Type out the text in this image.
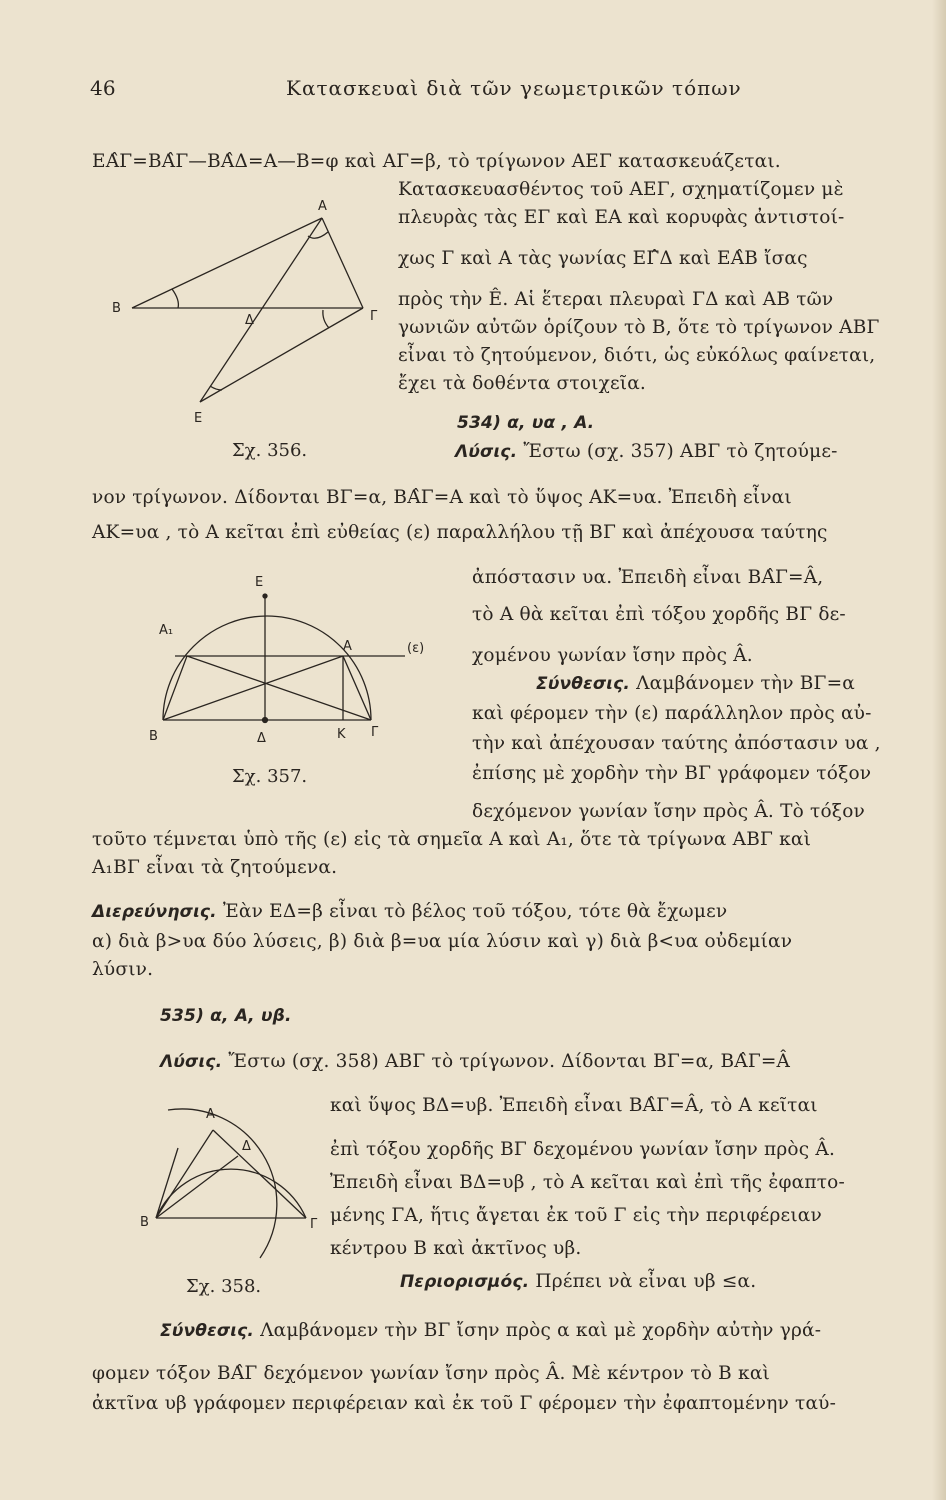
46	Κατασκευαὶ διὰ τῶν γεωμετρικῶν τόπων
ΕΑ̂Γ=ΒΑ̂Γ—ΒΑ̂Δ=Α—Β=φ καὶ ΑΓ=β, τὸ τρίγωνον ΑΕΓ κατασκευάζεται.
Κατασκευασθέντος τοῦ ΑΕΓ, σχηματίζομεν μὲ
πλευρὰς τὰς ΕΓ καὶ ΕΑ καὶ κορυφὰς ἀντιστοί-
χως Γ καὶ Α τὰς γωνίας ΕΓ̂Δ καὶ ΕΑ̂Β ἴσας
πρὸς τὴν Ê. Αἱ ἕτεραι πλευραὶ ΓΔ καὶ ΑΒ τῶν
γωνιῶν αὐτῶν ὁρίζουν τὸ Β, ὅτε τὸ τρίγωνον ΑΒΓ
εἶναι τὸ ζητούμενον, διότι, ὡς εὐκόλως φαίνεται,
ἔχει τὰ δοθέντα στοιχεῖα.
A
B
Γ
Δ
E
Σχ. 356.
534) α, υα , Α.
Λύσις. Ἔστω (σχ. 357) ΑΒΓ τὸ ζητούμε-
νον τρίγωνον. Δίδονται ΒΓ=α, ΒΑ̂Γ=Α καὶ τὸ ὕψος ΑΚ=υα. Ἐπειδὴ εἶναι
ΑΚ=υα , τὸ Α κεῖται ἐπὶ εὐθείας (ε) παραλλήλου τῇ ΒΓ καὶ ἀπέχουσα ταύτης
ἀπόστασιν υα. Ἐπειδὴ εἶναι ΒΑ̂Γ=Â,
τὸ Α θὰ κεῖται ἐπὶ τόξου χορδῆς ΒΓ δε-
χομένου γωνίαν ἴσην πρὸς Â.
E
A₁
A	(ε)
B	Δ	K Γ
Σχ. 357.
Σύνθεσις. Λαμβάνομεν τὴν ΒΓ=α
καὶ φέρομεν τὴν (ε) παράλληλον πρὸς αὐ-
τὴν καὶ ἀπέχουσαν ταύτης ἀπόστασιν υα ,
ἐπίσης μὲ χορδὴν τὴν ΒΓ γράφομεν τόξον
δεχόμενον γωνίαν ἴσην πρὸς Â. Τὸ τόξον
τοῦτο τέμνεται ὑπὸ τῆς (ε) εἰς τὰ σημεῖα Α καὶ Α₁, ὅτε τὰ τρίγωνα ΑΒΓ καὶ
Α₁ΒΓ εἶναι τὰ ζητούμενα.
Διερεύνησις. Ἐὰν ΕΔ=β εἶναι τὸ βέλος τοῦ τόξου, τότε θὰ ἔχωμεν
α) διὰ β>υα δύο λύσεις, β) διὰ β=υα μία λύσιν καὶ γ) διὰ β<υα οὐδεμίαν
λύσιν.
535) α, Α, υβ.
Λύσις. Ἔστω (σχ. 358) ΑΒΓ τὸ τρίγωνον. Δίδονται ΒΓ=α, ΒΑ̂Γ=Â
καὶ ὕψος ΒΔ=υβ. Ἐπειδὴ εἶναι ΒΑ̂Γ=Â, τὸ Α κεῖται
ἐπὶ τόξου χορδῆς ΒΓ δεχομένου γωνίαν ἴσην πρὸς Â.
Ἐπειδὴ εἶναι ΒΔ=υβ , τὸ Α κεῖται καὶ ἐπὶ τῆς ἐφαπτο-
μένης ΓΑ, ἥτις ἄγεται ἐκ τοῦ Γ εἰς τὴν περιφέρειαν
κέντρου Β καὶ ἀκτῖνος υβ.
A
Δ
B	Γ
Σχ. 358.	Περιορισμός. Πρέπει νὰ εἶναι υβ ≤α.
Σύνθεσις. Λαμβάνομεν τὴν ΒΓ ἴσην πρὸς α καὶ μὲ χορδὴν αὐτὴν γρά-
φομεν τόξον ΒΑ̂Γ δεχόμενον γωνίαν ἴσην πρὸς Â. Μὲ κέντρον τὸ Β καὶ
ἀκτῖνα υβ γράφομεν περιφέρειαν καὶ ἐκ τοῦ Γ φέρομεν τὴν ἐφαπτομένην ταύ-
